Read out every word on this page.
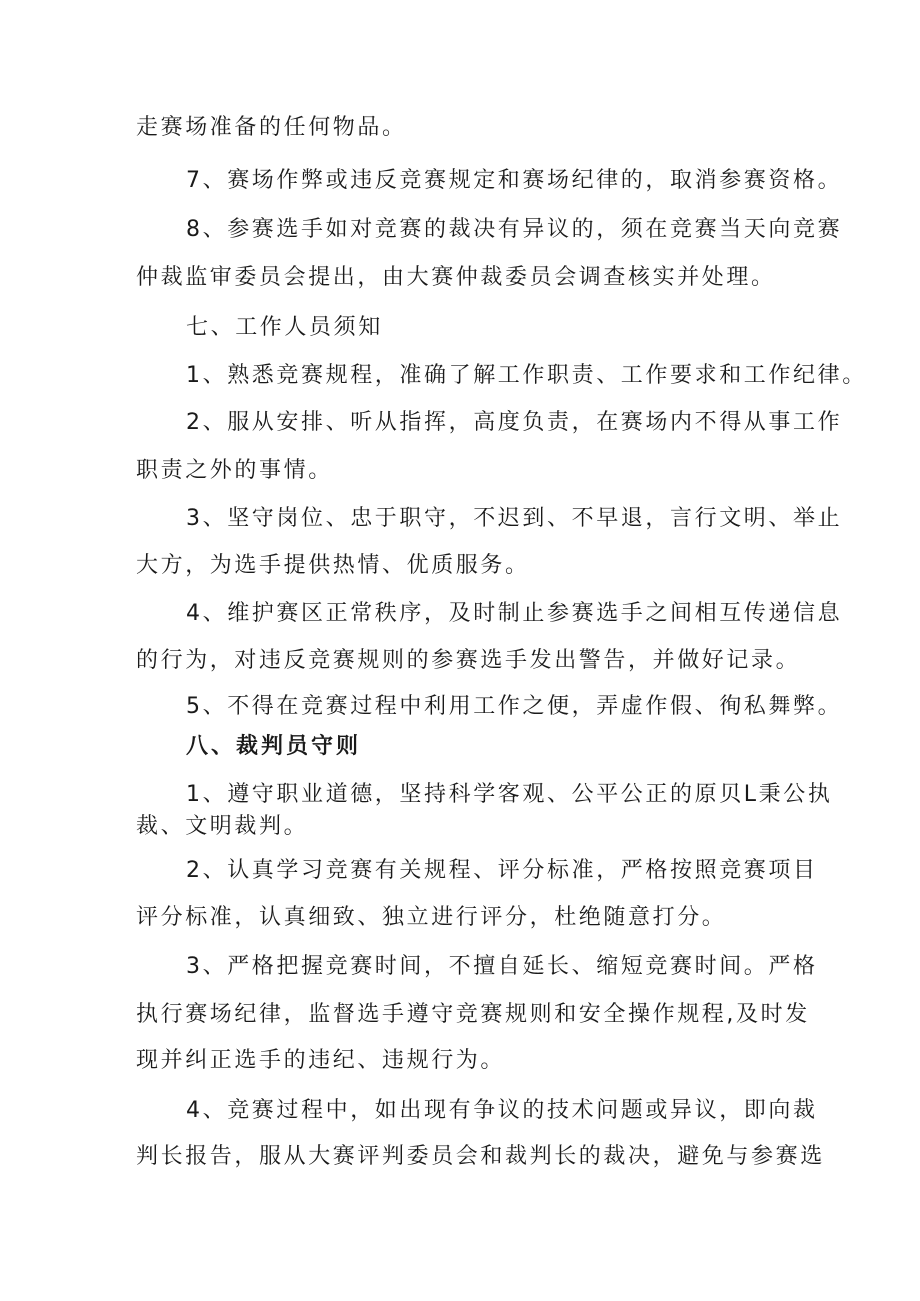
走赛场准备的任何物品。
7、赛场作弊或违反竞赛规定和赛场纪律的，取消参赛资格。
8、参赛选手如对竞赛的裁决有异议的，须在竞赛当天向竞赛
仲裁监审委员会提出，由大赛仲裁委员会调查核实并处理。
七、工作人员须知
1、熟悉竞赛规程，准确了解工作职责、工作要求和工作纪律。
2、服从安排、听从指挥，高度负责，在赛场内不得从事工作
职责之外的事情。
3、坚守岗位、忠于职守，不迟到、不早退，言行文明、举止
大方，为选手提供热情、优质服务。
4、维护赛区正常秩序，及时制止参赛选手之间相互传递信息
的行为，对违反竞赛规则的参赛选手发出警告，并做好记录。
5、不得在竞赛过程中利用工作之便，弄虚作假、徇私舞弊。
八、裁判员守则
1、遵守职业道德，坚持科学客观、公平公正的原贝L秉公执
裁、文明裁判。
2、认真学习竞赛有关规程、评分标准，严格按照竞赛项目
评分标准，认真细致、独立进行评分，杜绝随意打分。
3、严格把握竞赛时间，不擅自延长、缩短竞赛时间。严格
执行赛场纪律，监督选手遵守竞赛规则和安全操作规程,及时发
现并纠正选手的违纪、违规行为。
4、竞赛过程中，如出现有争议的技术问题或异议，即向裁
判长报告，服从大赛评判委员会和裁判长的裁决，避免与参赛选
